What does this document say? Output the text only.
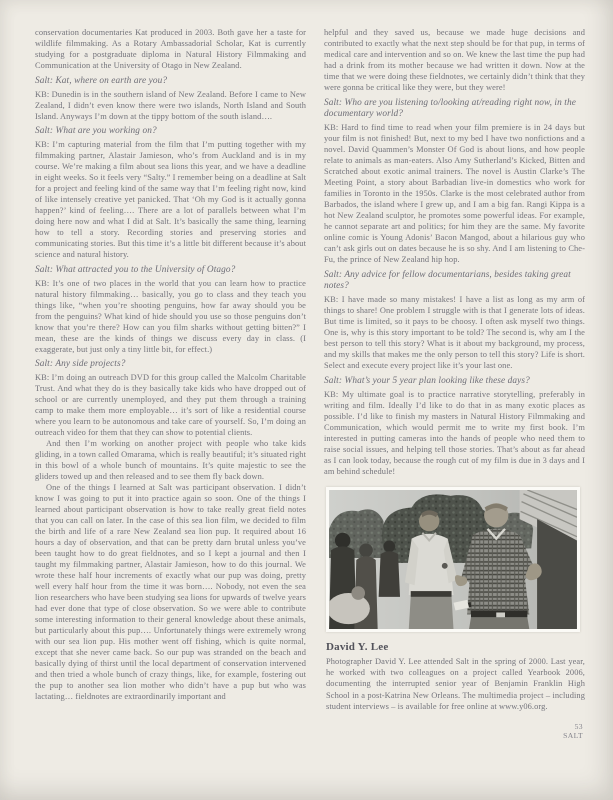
conservation documentaries Kat produced in 2003. Both gave her a taste for wildlife filmmaking. As a Rotary Ambassadorial Scholar, Kat is currently studying for a postgraduate diploma in Natural History Filmmaking and Communication at the University of Otago in New Zealand.

Salt: Kat, where on earth are you?

KB: Dunedin is in the southern island of New Zealand. Before I came to New Zealand, I didn’t even know there were two islands, North Island and South Island. Anyways I’m down at the tippy bottom of the south island….

Salt: What are you working on?

KB: I’m capturing material from the film that I’m putting together with my filmmaking partner, Alastair Jamieson, who’s from Auckland and is in my course. We’re making a film about sea lions this year, and we have a deadline in eight weeks. So it feels very “Salty.” I remember being on a deadline at Salt for a project and feeling kind of the same way that I’m feeling right now, kind of like intensely creative yet panicked. That ‘Oh my God is it actually gonna happen?’ kind of feeling…. There are a lot of parallels between what I’m doing here now and what I did at Salt. It’s basically the same thing, learning how to tell a story. Recording stories and preserving stories and communicating stories. But this time it’s a little bit different because it’s about science and natural history.

Salt: What attracted you to the University of Otago?

KB: It’s one of two places in the world that you can learn how to practice natural history filmmaking… basically, you go to class and they teach you things like, “when you’re shooting penguins, how far away should you be from the penguins? What kind of hide should you use so those penguins don’t know that you’re there? How can you film sharks without getting bitten?” I mean, these are the kinds of things we discuss every day in class. (I exaggerate, but just only a tiny little bit, for effect.)

Salt: Any side projects?

KB: I’m doing an outreach DVD for this group called the Malcolm Charitable Trust. And what they do is they basically take kids who have dropped out of school or are currently unemployed, and they put them through a training camp to make them more employable… it’s sort of like a residential course where you learn to be autonomous and take care of yourself. So, I’m doing an outreach video for them that they can show to potential clients.

And then I’m working on another project with people who take kids gliding, in a town called Omarama, which is really beautiful; it’s situated right in this bowl of a whole bunch of mountains. It’s quite majestic to see the gliders towed up and then released and to see them fly back down.

One of the things I learned at Salt was participant observation. I didn’t know I was going to put it into practice again so soon. One of the things I learned about participant observation is how to take really great field notes that you can call on later. In the case of this sea lion film, we decided to film the birth and life of a rare New Zealand sea lion pup. It required about 16 hours a day of observation, and that can be pretty darn brutal unless you’ve been taught how to do great fieldnotes, and so I kept a journal and then I taught my filmmaking partner, Alastair Jamieson, how to do this journal. We wrote these half hour increments of exactly what our pup was doing, pretty well every half hour from the time it was born…. Nobody, not even the sea lion researchers who have been studying sea lions for upwards of twelve years had ever done that type of close observation. So we were able to contribute some interesting information to their general knowledge about these animals, but particularly about this pup…. Unfortunately things were extremely wrong with our sea lion pup. His mother went off fishing, which is quite normal, except that she never came back. So our pup was stranded on the beach and basically dying of thirst until the local department of conservation intervened and then tried a whole bunch of crazy things, like, for example, fostering out the pup to another sea lion mother who didn’t have a pup but who was lactating… fieldnotes are extraordinarily important and

helpful and they saved us, because we made huge decisions and contributed to exactly what the next step should be for that pup, in terms of medical care and intervention and so on. We knew the last time the pup had had a drink from its mother because we had written it down. Now at the time that we were doing these fieldnotes, we certainly didn’t think that they were gonna be critical like they were, but they were!

Salt: Who are you listening to/looking at/reading right now, in the documentary world?

KB: Hard to find time to read when your film premiere is in 24 days but your film is not finished! But, next to my bed I have two nonfictions and a novel. David Quammen’s Monster Of God is about lions, and how people relate to animals as man-eaters. Also Amy Sutherland’s Kicked, Bitten and Scratched about exotic animal trainers. The novel is Austin Clarke’s The Meeting Point, a story about Barbadian live-in domestics who work for families in Toronto in the 1950s. Clarke is the most celebrated author from Barbados, the island where I grew up, and I am a big fan. Rangi Kippa is a hot New Zealand sculptor, he promotes some powerful ideas. For example, he cannot separate art and politics; for him they are the same. My favorite online comic is Young Adonis’ Bacon Mangod, about a hilarious guy who can’t ask girls out on dates because he is so shy. And I am listening to Che-Fu, the prince of New Zealand hip hop.

Salt: Any advice for fellow documentarians, besides taking great notes?

KB: I have made so many mistakes! I have a list as long as my arm of things to share! One problem I struggle with is that I generate lots of ideas. But time is limited, so it pays to be choosy. I often ask myself two things. One is, why is this story important to be told? The second is, why am I the best person to tell this story? What is it about my background, my process, and my skills that makes me the only person to tell this story? Life is short. Select and execute every project like it’s your last one.

Salt: What’s your 5 year plan looking like these days?

KB: My ultimate goal is to practice narrative storytelling, preferably in writing and film. Ideally I’d like to do that in as many exotic places as possible. I’d like to finish my masters in Natural History Filmmaking and Communication, which would permit me to write my first book. I’m interested in putting cameras into the hands of people who need them to raise social issues, and helping tell those stories. That’s about as far ahead as I can look today, because the rough cut of my film is due in 3 days and I am behind schedule!

David Y. Lee

Photographer David Y. Lee attended Salt in the spring of 2000. Last year, he worked with two colleagues on a project called Yearbook 2006, documenting the interrupted senior year of Benjamin Franklin High School in a post-Katrina New Orleans. The multimedia project – including student interviews – is available for free online at www.y06.org.

53
SALT
